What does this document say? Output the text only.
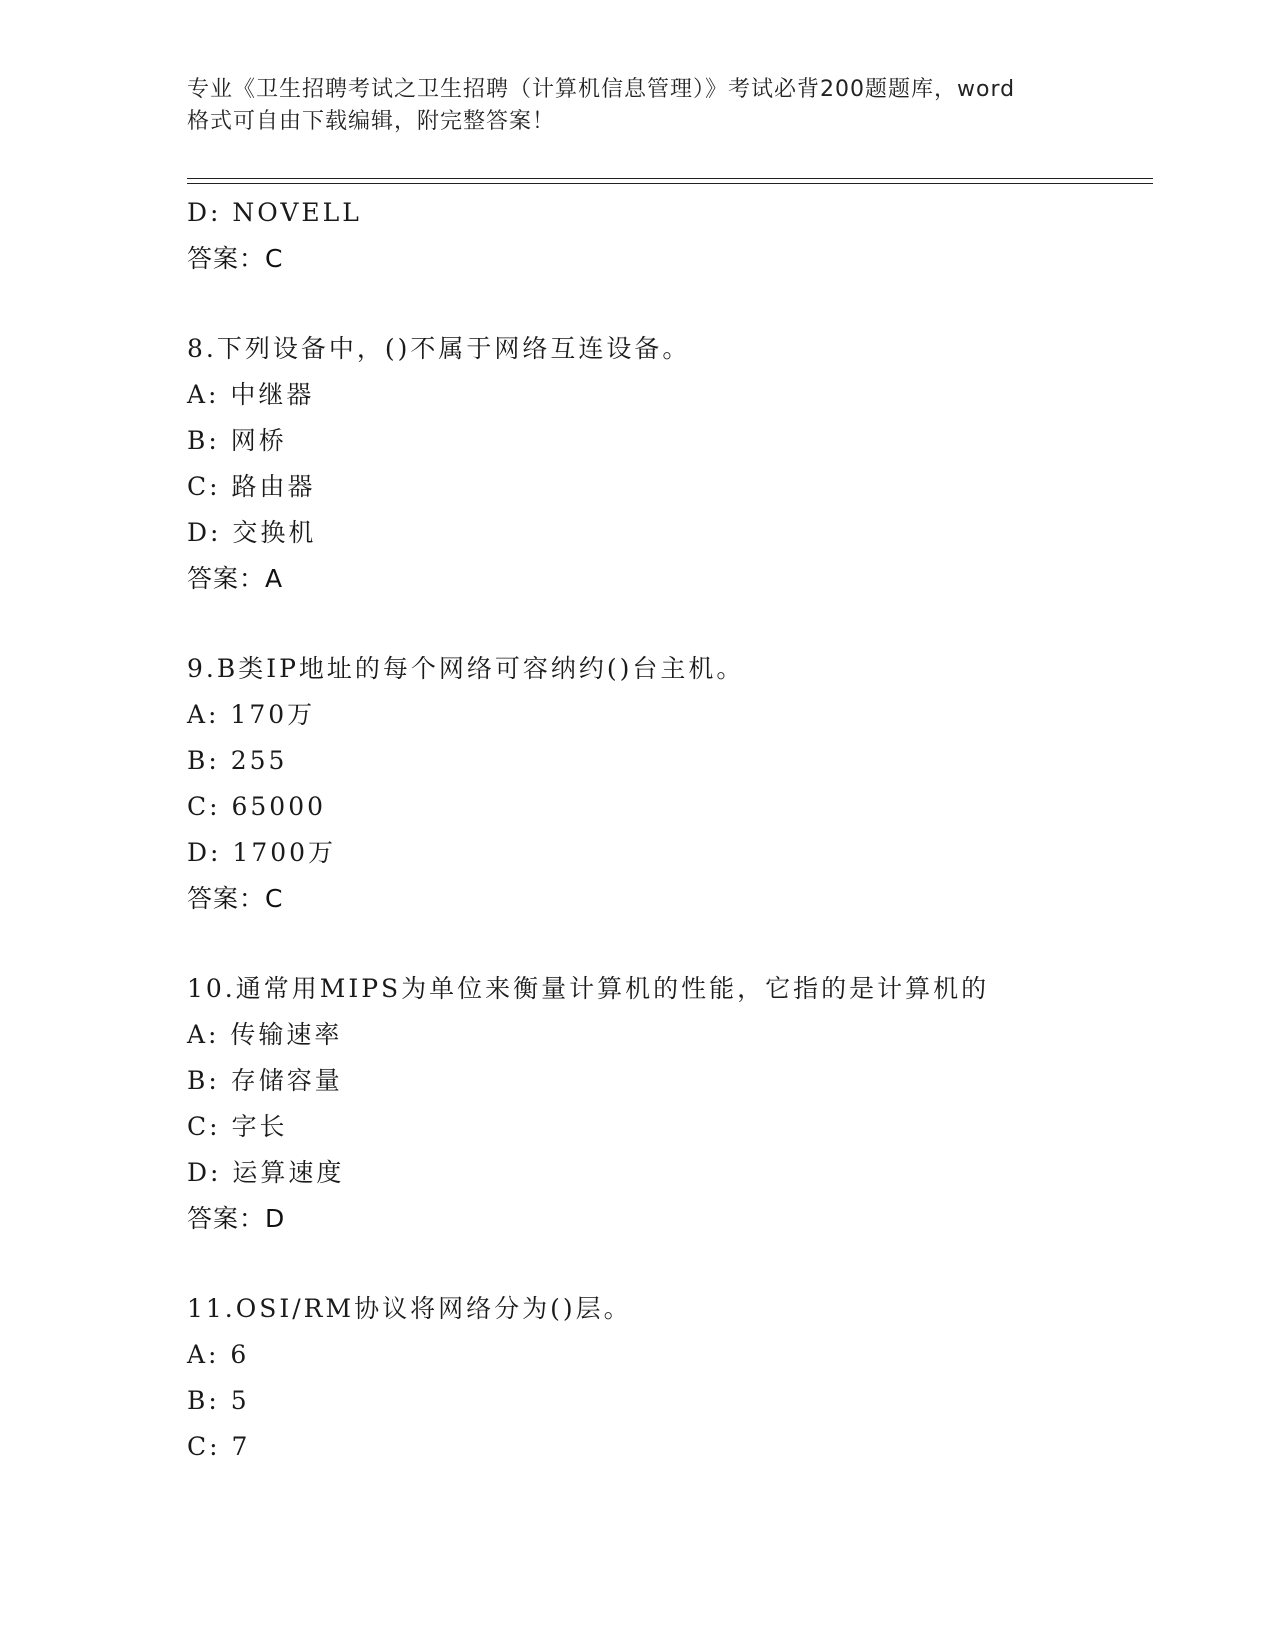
专业《卫生招聘考试之卫生招聘（计算机信息管理）》考试必背200题题库，word
格式可自由下载编辑，附完整答案！
D: NOVELL
答案：C
8.下列设备中，()不属于网络互连设备。
A: 中继器
B: 网桥
C: 路由器
D: 交换机
答案：A
9.B类IP地址的每个网络可容纳约()台主机。
A: 170万
B: 255
C: 65000
D: 1700万
答案：C
10.通常用MIPS为单位来衡量计算机的性能，它指的是计算机的
A: 传输速率
B: 存储容量
C: 字长
D: 运算速度
答案：D
11.OSI/RM协议将网络分为()层。
A: 6
B: 5
C: 7
